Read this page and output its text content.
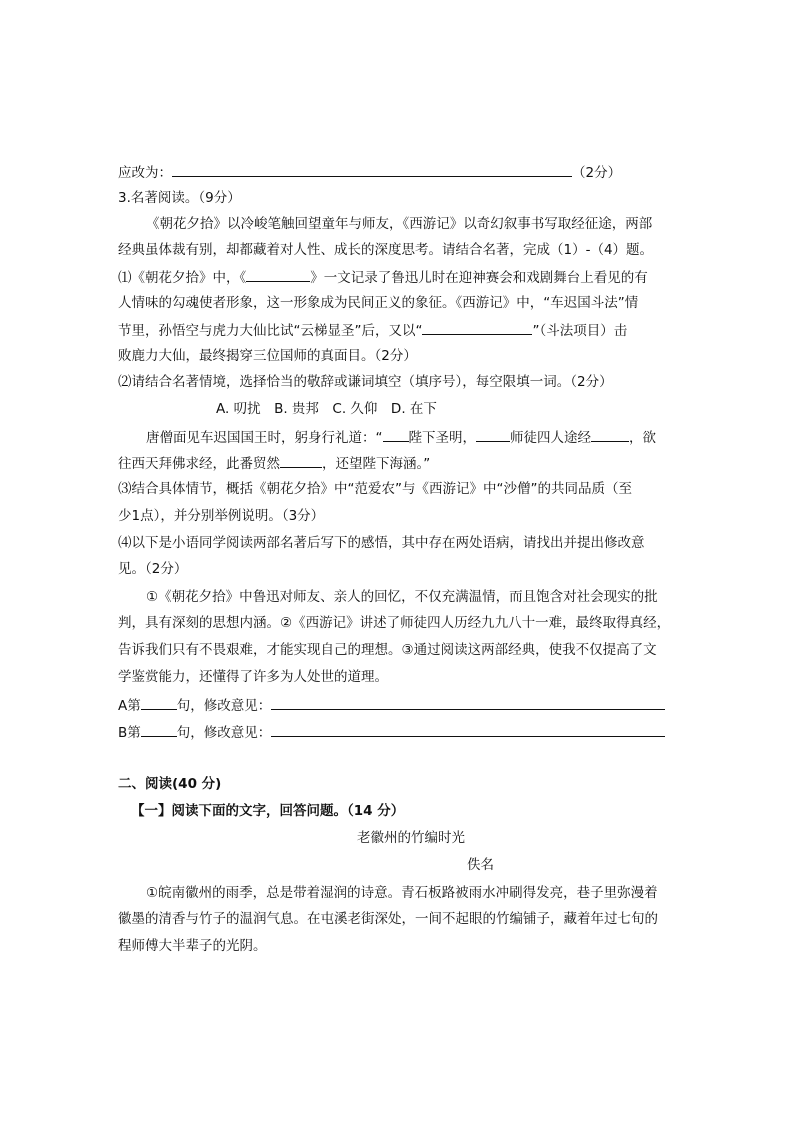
应改为：	（2分）
3.名著阅读。（9分）
《朝花夕拾》以冷峻笔触回望童年与师友，《西游记》以奇幻叙事书写取经征途，两部
经典虽体裁有别，却都藏着对人性、成长的深度思考。请结合名著，完成（1）-（4）题。
⑴《朝花夕拾》中，《	》一文记录了鲁迅儿时在迎神赛会和戏剧舞台上看见的有
人情味的勾魂使者形象，这一形象成为民间正义的象征。《西游记》中，“车迟国斗法”情
节里，孙悟空与虎力大仙比试“云梯显圣”后，又以“	”（斗法项目）击
败鹿力大仙，最终揭穿三位国师的真面目。（2分）
⑵请结合名著情境，选择恰当的敬辞或谦词填空（填序号），每空限填一词。（2分）
A. 叨扰　B. 贵邦　C. 久仰　D. 在下
唐僧面见车迟国国王时，躬身行礼道：“ 陛下圣明，	师徒四人途经	，欲
往西天拜佛求经，此番贸然	，还望陛下海涵。”
⑶结合具体情节，概括《朝花夕拾》中“范爱农”与《西游记》中“沙僧”的共同品质（至
少1点），并分别举例说明。（3分）
⑷以下是小语同学阅读两部名著后写下的感悟，其中存在两处语病，请找出并提出修改意
见。（2分）
①《朝花夕拾》中鲁迅对师友、亲人的回忆，不仅充满温情，而且饱含对社会现实的批
判，具有深刻的思想内涵。②《西游记》讲述了师徒四人历经九九八十一难，最终取得真经，
告诉我们只有不畏艰难，才能实现自己的理想。③通过阅读这两部经典，使我不仅提高了文
学鉴赏能力，还懂得了许多为人处世的道理。
A第	句，修改意见：
B第	句，修改意见：
二、阅读(40 分)
【一】阅读下面的文字，回答问题。（14 分）
老徽州的竹编时光
佚名
①皖南徽州的雨季，总是带着湿润的诗意。青石板路被雨水冲刷得发亮，巷子里弥漫着
徽墨的清香与竹子的温润气息。在屯溪老街深处，一间不起眼的竹编铺子，藏着年过七旬的
程师傅大半辈子的光阴。
